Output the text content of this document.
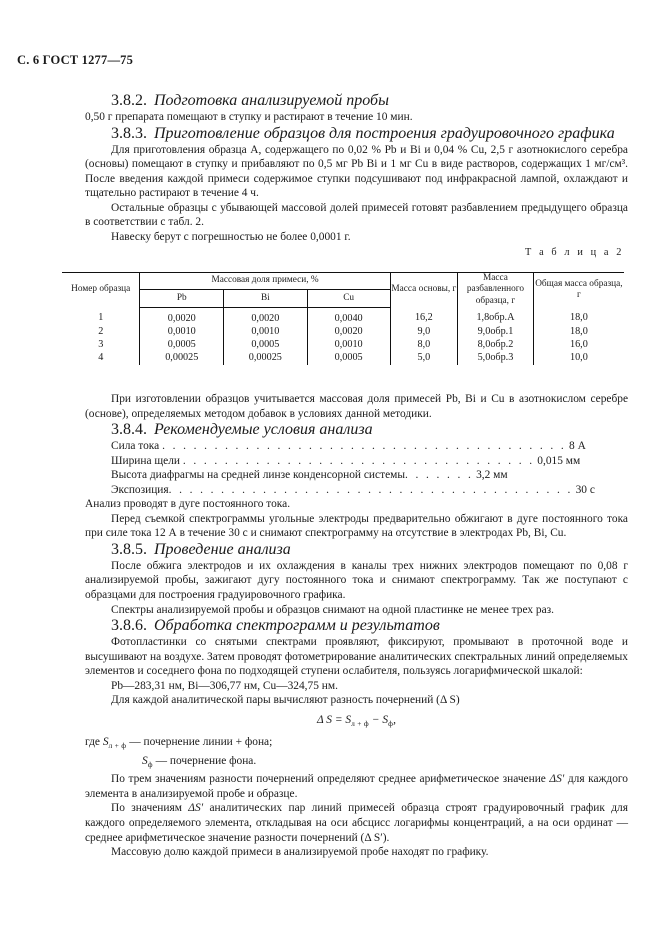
С. 6 ГОСТ 1277—75

3.8.2. Подготовка анализируемой пробы

0,50 г препарата помещают в ступку и растирают в течение 10 мин.

3.8.3. Приготовление образцов для построения градуировочного графика

Для приготовления образца А, содержащего по 0,02 % Pb и Bi и 0,04 % Cu, 2,5 г азотнокислого серебра (основы) помещают в ступку и прибавляют по 0,5 мг Pb Bi и 1 мг Cu в виде растворов, содержащих 1 мг/см³. После введения каждой примеси содержимое ступки подсушивают под инфракрасной лампой, охлаждают и тщательно растирают в течение 4 ч.

Остальные образцы с убывающей массовой долей примесей готовят разбавлением предыдущего образца в соответствии с табл. 2.

Навеску берут с погрешностью не более 0,0001 г.

Т а б л и ц а 2
Номер образца	Массовая доля примеси, %			Масса основы, г	Масса разбавленного образца, г	Общая масса образца, г
	Pb	Bi	Cu			
1	0,0020	0,0020	0,0040	16,2	1,8обр.А	18,0
2	0,0010	0,0010	0,0020	9,0	9,0обр.1	18,0
3	0,0005	0,0005	0,0010	8,0	8,0обр.2	16,0
4	0,00025	0,00025	0,0005	5,0	5,0обр.3	10,0

При изготовлении образцов учитывается массовая доля примесей Pb, Bi и Cu в азотнокислом серебре (основе), определяемых методом добавок в условиях данной методики.

3.8.4. Рекомендуемые условия анализа

Сила тока . . . . . . . . . . . . . . . . . . . . . . . . . . . . . . . . . . . . . . . 8 А

Ширина щели . . . . . . . . . . . . . . . . . . . . . . . . . . . . . . . . . . 0,015 мм

Высота диафрагмы на средней линзе конденсорной системы. . . . . . . 3,2 мм

Экспозиция. . . . . . . . . . . . . . . . . . . . . . . . . . . . . . . . . . . . . . . 30 с

Анализ проводят в дуге постоянного тока.

Перед съемкой спектрограммы угольные электроды предварительно обжигают в дуге постоянного тока при силе тока 12 А в течение 30 с и снимают спектрограмму на отсутствие в электродах Pb, Bi, Cu.

3.8.5. Проведение анализа

После обжига электродов и их охлаждения в каналы трех нижних электродов помещают по 0,08 г анализируемой пробы, зажигают дугу постоянного тока и снимают спектрограмму. Так же поступают с образцами для построения градуировочного графика.

Спектры анализируемой пробы и образцов снимают на одной пластинке не менее трех раз.

3.8.6. Обработка спектрограмм и результатов

Фотопластинки со снятыми спектрами проявляют, фиксируют, промывают в проточной воде и высушивают на воздухе. Затем проводят фотометрирование аналитических спектральных линий определяемых элементов и соседнего фона по подходящей ступени ослабителя, пользуясь логарифмической шкалой:

Pb—283,31 нм, Bi—306,77 нм, Cu—324,75 нм.

Для каждой аналитической пары вычисляют разность почернений (Δ S)

Δ $S = S_{л + ф} - S_ф$,

где $S_{л + ф}$ — почернение линии + фона;

$S_ф$ — почернение фона.

По трем значениям разности почернений определяют среднее арифметическое значение ΔS′ для каждого элемента в анализируемой пробе и образце.

По значениям ΔS′ аналитических пар линий примесей образца строят градуировочный график для каждого определяемого элемента, откладывая на оси абсцисс логарифмы концентраций, а на оси ординат — среднее арифметическое значение разности почернений (Δ S′).

Массовую долю каждой примеси в анализируемой пробе находят по графику.
